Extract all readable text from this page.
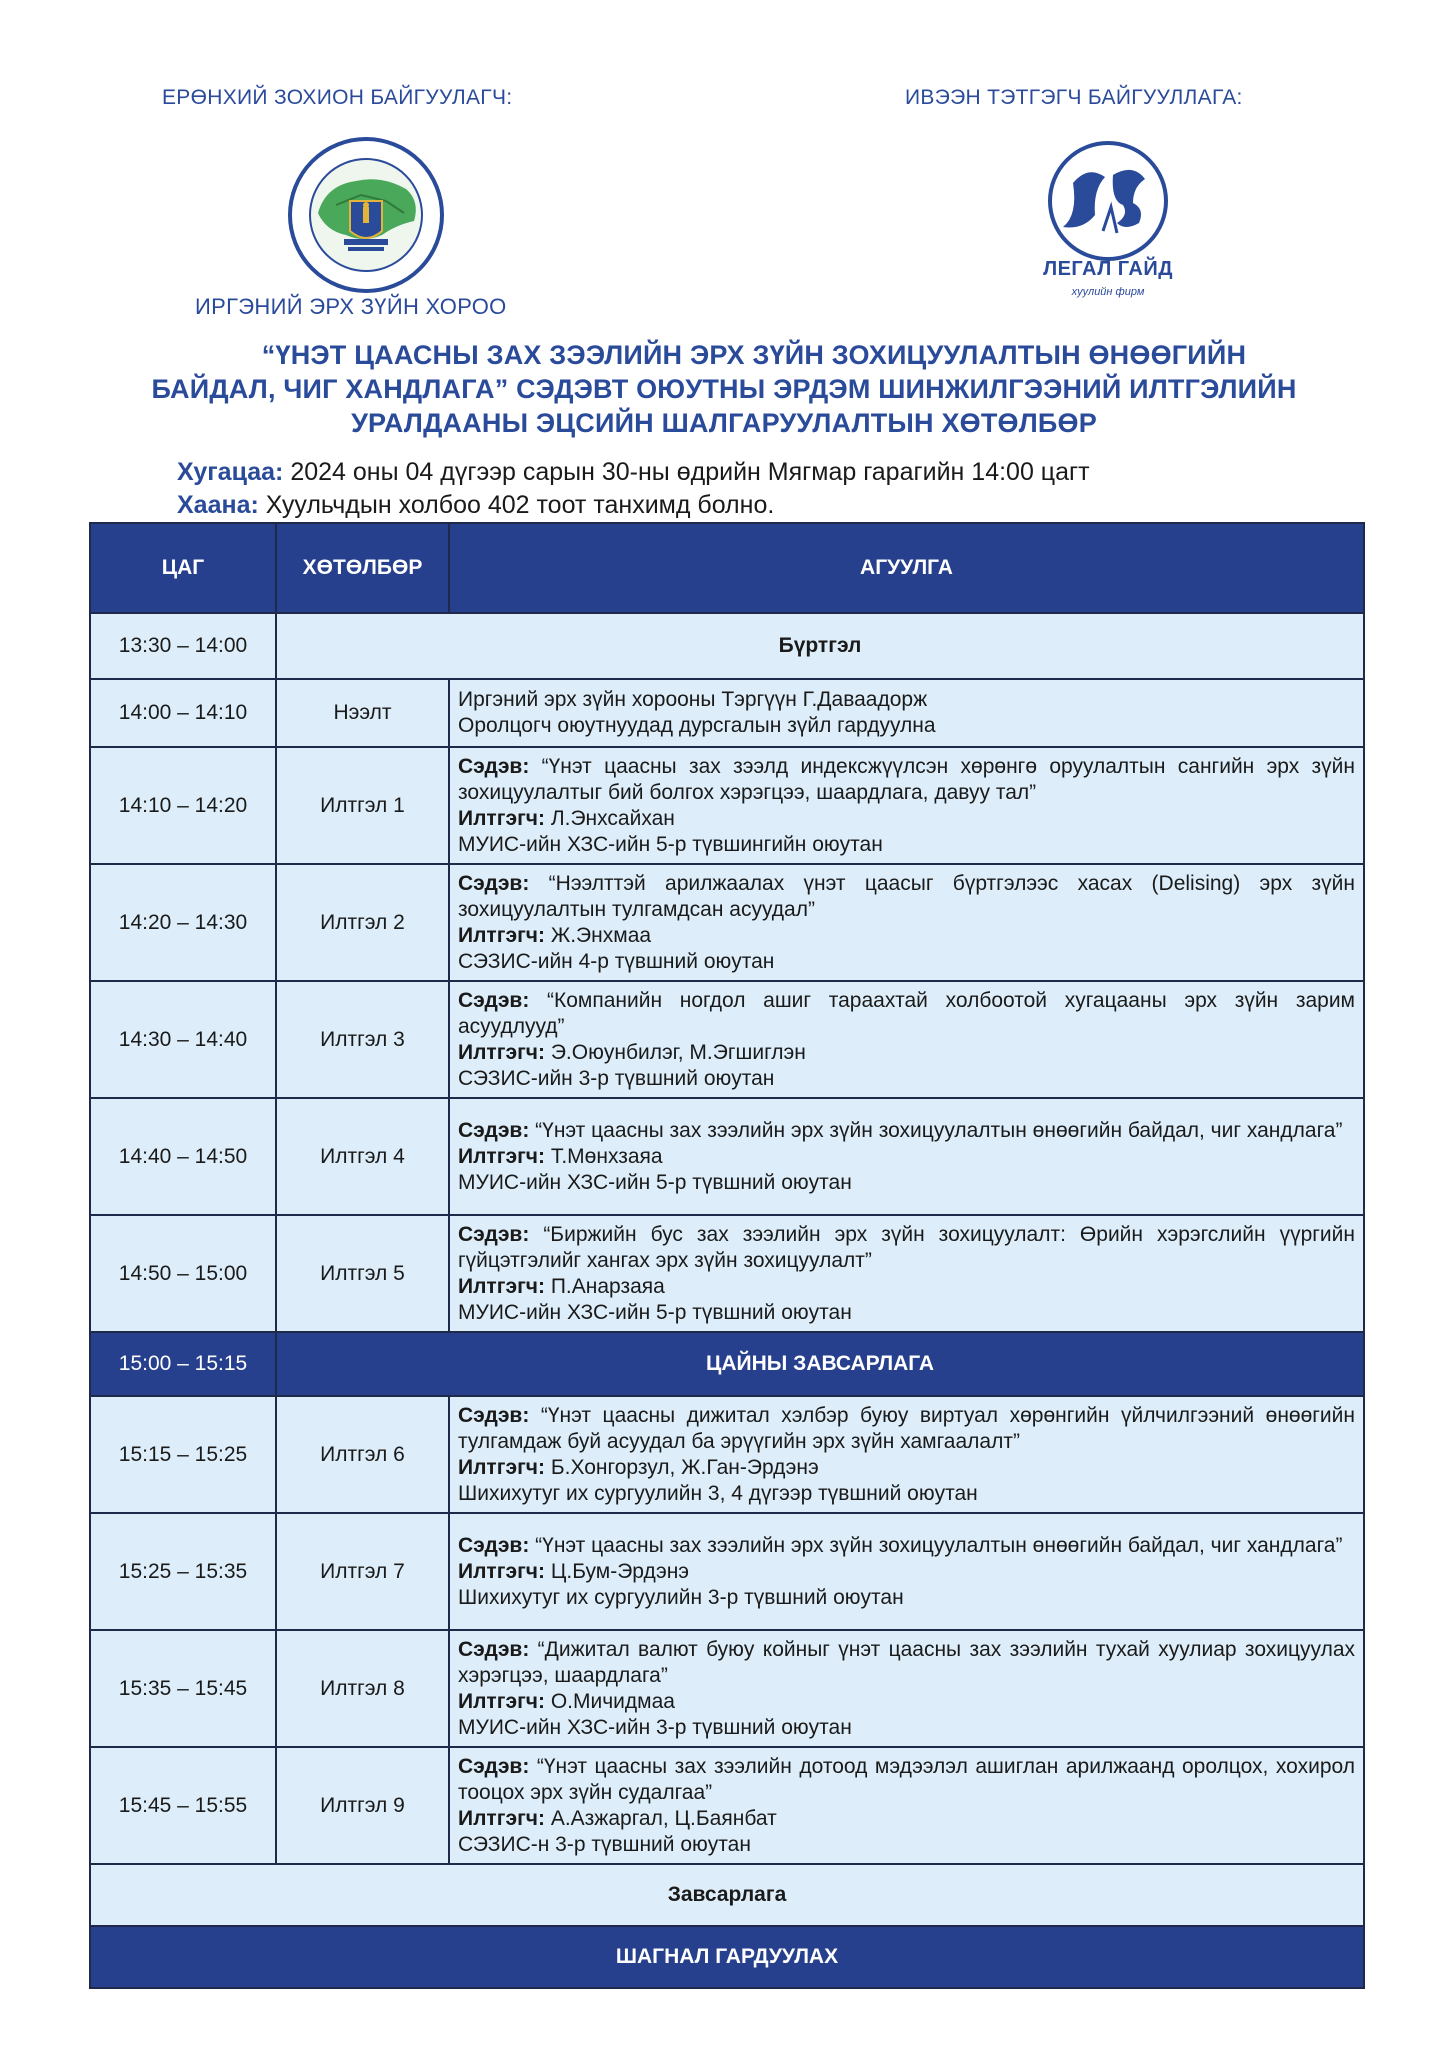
ЕРӨНХИЙ ЗОХИОН БАЙГУУЛАГЧ:	ИВЭЭН ТЭТГЭГЧ БАЙГУУЛЛАГА:
ИРГЭНИЙ ЭРХ ЗҮЙН ХОРОО
ЛЕГАЛ ГАЙД
хуулийн фирм
“ҮНЭТ ЦААСНЫ ЗАХ ЗЭЭЛИЙН ЭРХ ЗҮЙН ЗОХИЦУУЛАЛТЫН ӨНӨӨГИЙН
БАЙДАЛ, ЧИГ ХАНДЛАГА” СЭДЭВТ ОЮУТНЫ ЭРДЭМ ШИНЖИЛГЭЭНИЙ ИЛТГЭЛИЙН
УРАЛДААНЫ ЭЦСИЙН ШАЛГАРУУЛАЛТЫН ХӨТӨЛБӨР
Хугацаа: 2024 оны 04 дүгээр сарын 30-ны өдрийн Мягмар гарагийн 14:00 цагт
Хаана: Хуульчдын холбоо 402 тоот танхимд болно.
ЦАГ	ХӨТӨЛБӨР	АГУУЛГА
13:30 – 14:00	Бүртгэл	
14:00 – 14:10	Нээлт	Иргэний эрх зүйн хорооны Тэргүүн Г.Даваадорж
Оролцогч оюутнуудад дурсгалын зүйл гардуулна

14:10 – 14:20	Илтгэл 1	Сэдэв: “Үнэт цаасны зах зээлд индексжүүлсэн хөрөнгө оруулалтын сангийн эрх зүйн зохицуулалтыг бий болгох хэрэгцээ, шаардлага, давуу тал”
Илтгэгч: Л.Энхсайхан
МУИС-ийн ХЗС-ийн 5-р түвшингийн оюутан

14:20 – 14:30	Илтгэл 2	Сэдэв: “Нээлттэй арилжаалах үнэт цаасыг бүртгэлээс хасах (Delising) эрх зүйн зохицуулалтын тулгамдсан асуудал”
Илтгэгч: Ж.Энхмаа
СЭЗИС-ийн 4-р түвшний оюутан

14:30 – 14:40	Илтгэл 3	Сэдэв: “Компанийн ногдол ашиг тараахтай холбоотой хугацааны эрх зүйн зарим асуудлууд”
Илтгэгч: Э.Оюунбилэг, М.Эгшиглэн
СЭЗИС-ийн 3-р түвшний оюутан

14:40 – 14:50	Илтгэл 4	Сэдэв: “Үнэт цаасны зах зээлийн эрх зүйн зохицуулалтын өнөөгийн байдал, чиг хандлага”
Илтгэгч: Т.Мөнхзаяа
МУИС-ийн ХЗС-ийн 5-р түвшний оюутан

14:50 – 15:00	Илтгэл 5	Сэдэв: “Биржийн бус зах зээлийн эрх зүйн зохицуулалт: Өрийн хэрэгслийн үүргийн гүйцэтгэлийг хангах эрх зүйн зохицуулалт”
Илтгэгч: П.Анарзаяа
МУИС-ийн ХЗС-ийн 5-р түвшний оюутан

15:00 – 15:15	ЦАЙНЫ ЗАВСАРЛАГА	
15:15 – 15:25	Илтгэл 6	Сэдэв: “Үнэт цаасны дижитал хэлбэр буюу виртуал хөрөнгийн үйлчилгээний өнөөгийн тулгамдаж буй асуудал ба эрүүгийн эрх зүйн хамгаалалт”
Илтгэгч: Б.Хонгорзул, Ж.Ган-Эрдэнэ
Шихихутуг их сургуулийн 3, 4 дүгээр түвшний оюутан

15:25 – 15:35	Илтгэл 7	Сэдэв: “Үнэт цаасны зах зээлийн эрх зүйн зохицуулалтын өнөөгийн байдал, чиг хандлага”
Илтгэгч: Ц.Бум-Эрдэнэ
Шихихутуг их сургуулийн 3-р түвшний оюутан

15:35 – 15:45	Илтгэл 8	Сэдэв: “Дижитал валют буюу койныг үнэт цаасны зах зээлийн тухай хуулиар зохицуулах хэрэгцээ, шаардлага”
Илтгэгч: О.Мичидмаа
МУИС-ийн ХЗС-ийн 3-р түвшний оюутан

15:45 – 15:55	Илтгэл 9	Сэдэв: “Үнэт цаасны зах зээлийн дотоод мэдээлэл ашиглан арилжаанд оролцох, хохирол тооцох эрх зүйн судалгаа”
Илтгэгч: А.Азжаргал, Ц.Баянбат
СЭЗИС-н 3-р түвшний оюутан

Завсарлага		
ШАГНАЛ ГАРДУУЛАХ		
